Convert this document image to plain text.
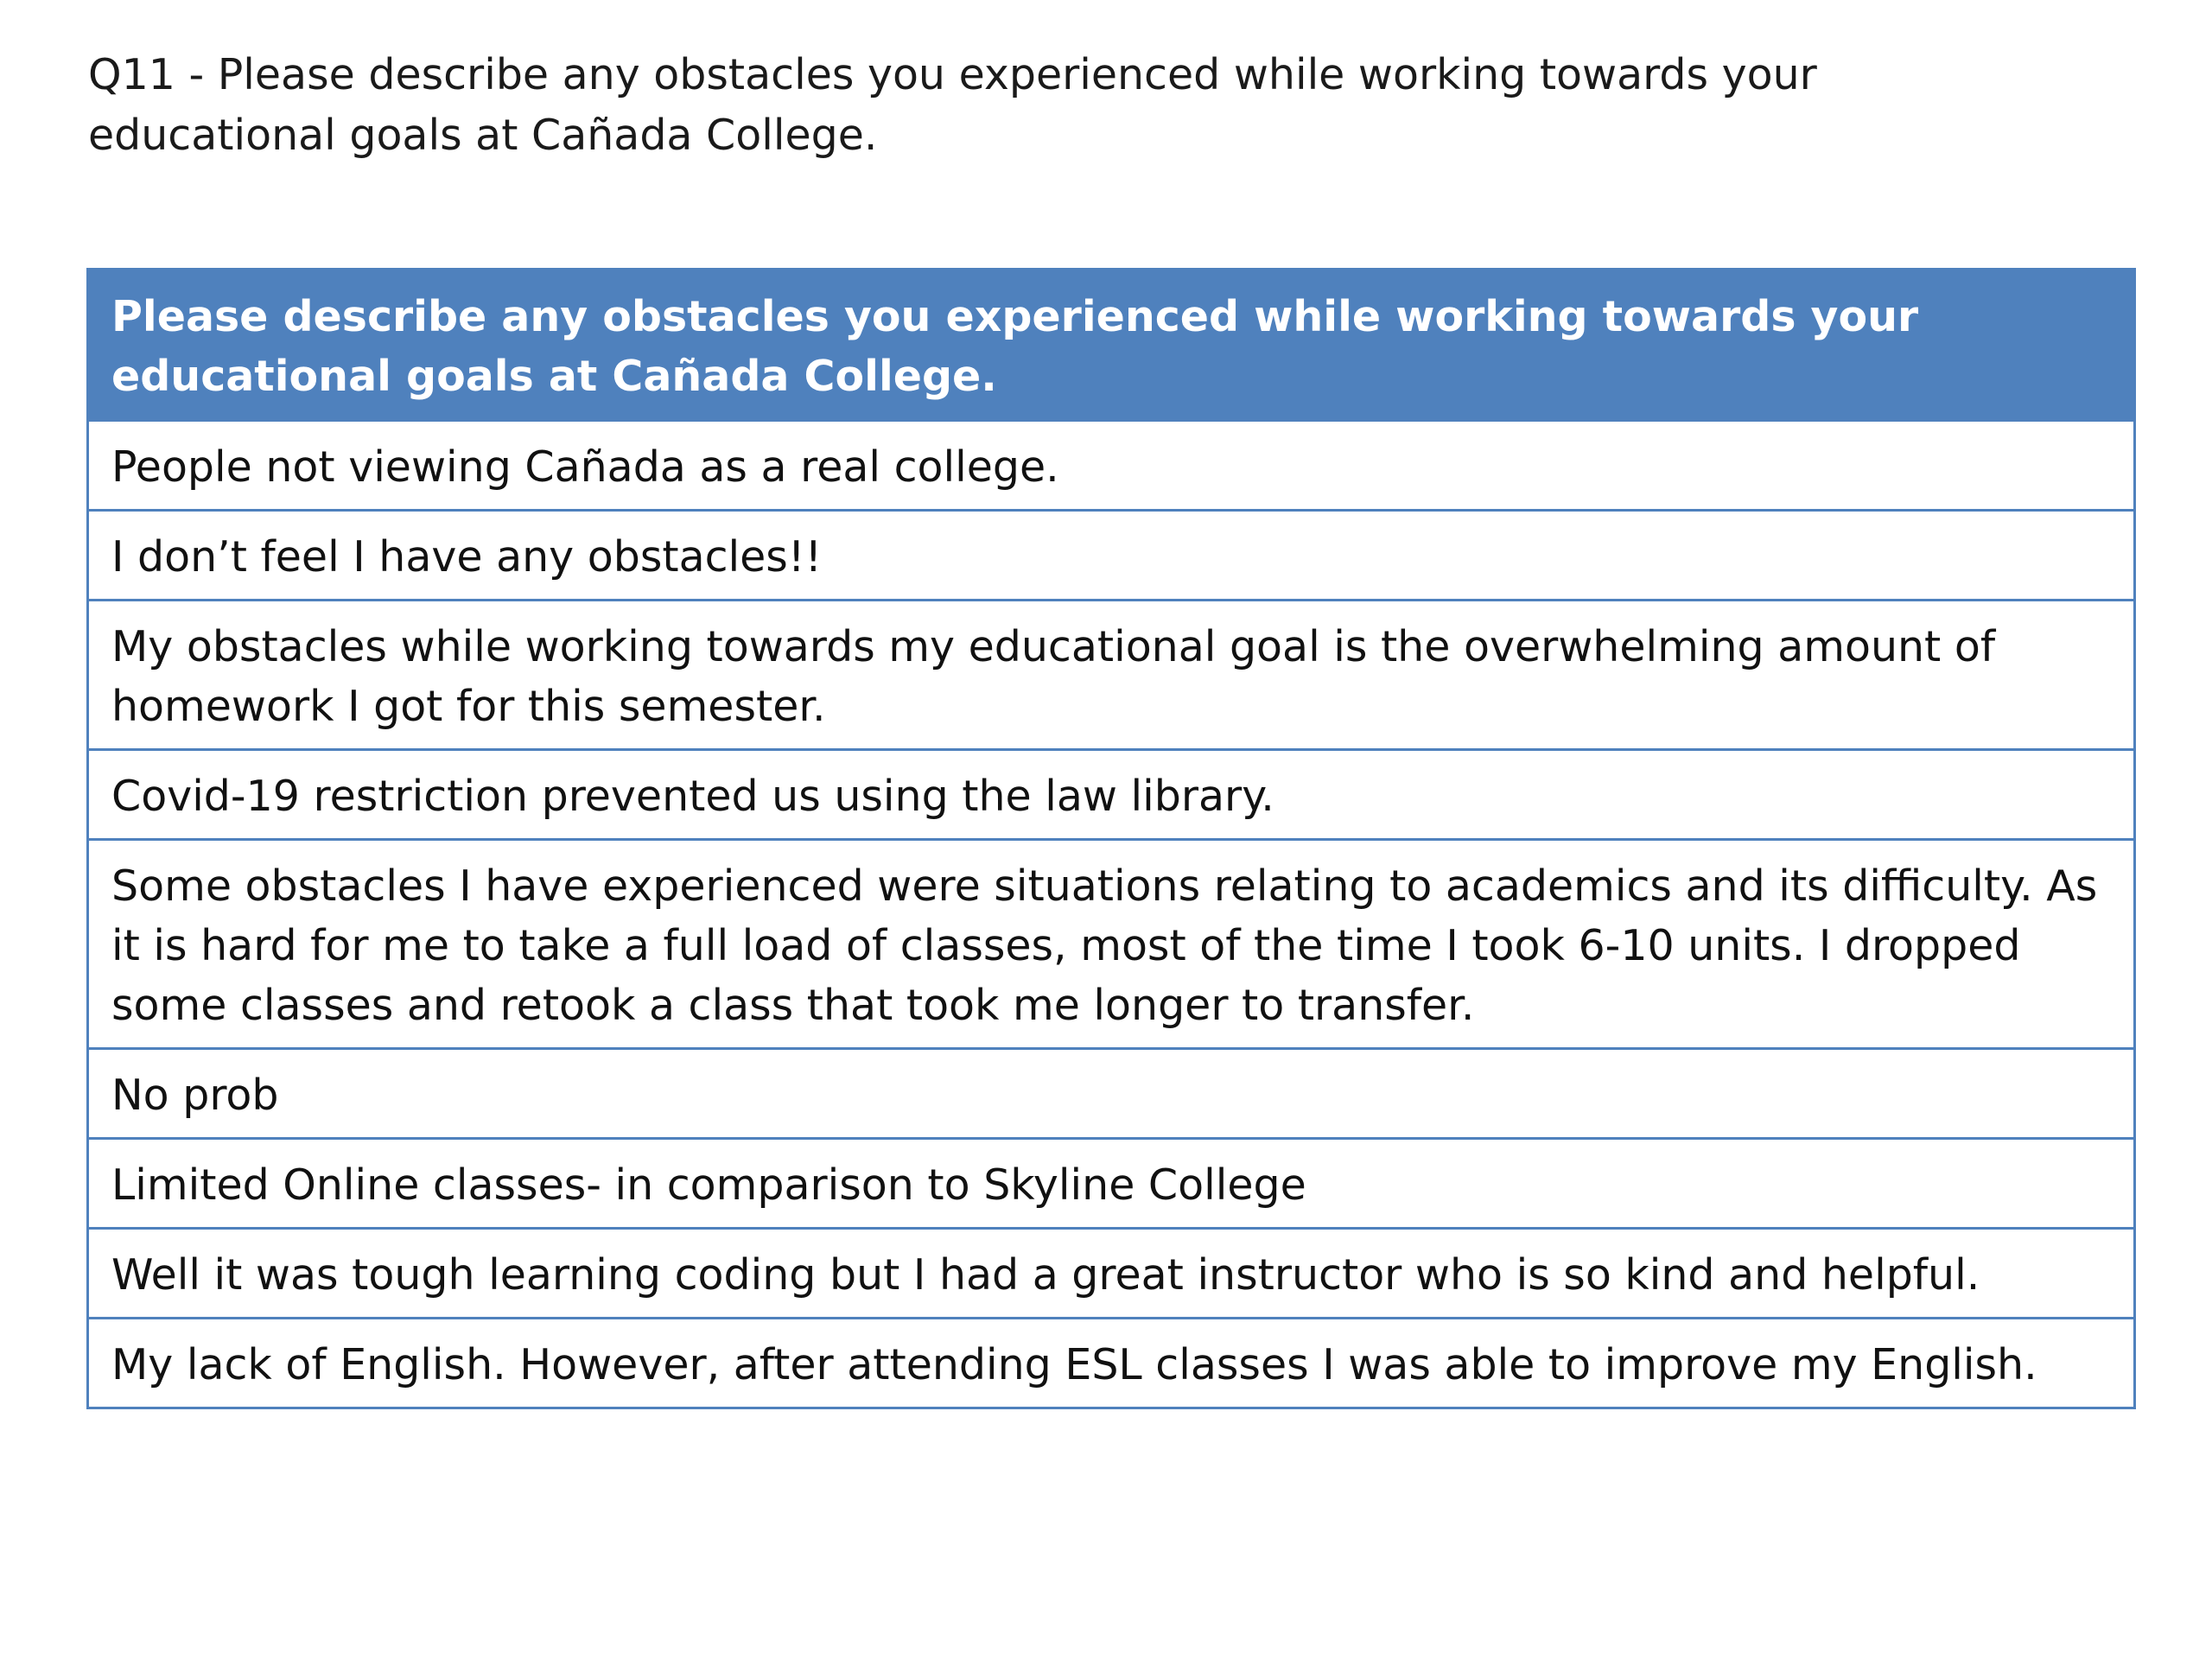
Q11 - Please describe any obstacles you experienced while working towards your educational goals at Cañada College.

Please describe any obstacles you experienced while working towards your educational goals at Cañada College.
People not viewing Cañada as a real college.
I don’t feel I have any obstacles!!
My obstacles while working towards my educational goal is the overwhelming amount of homework I got for this semester.
Covid-19 restriction prevented us using the law library.
Some obstacles I have experienced were situations relating to academics and its difficulty. As it is hard for me to take a full load of classes, most of the time I took 6-10 units. I dropped some classes and retook a class that took me longer to transfer.
No prob
Limited Online classes- in comparison to Skyline College
Well it was tough learning coding but I had a great instructor who is so kind and helpful.
My lack of English. However, after attending ESL classes I was able to improve my English.
